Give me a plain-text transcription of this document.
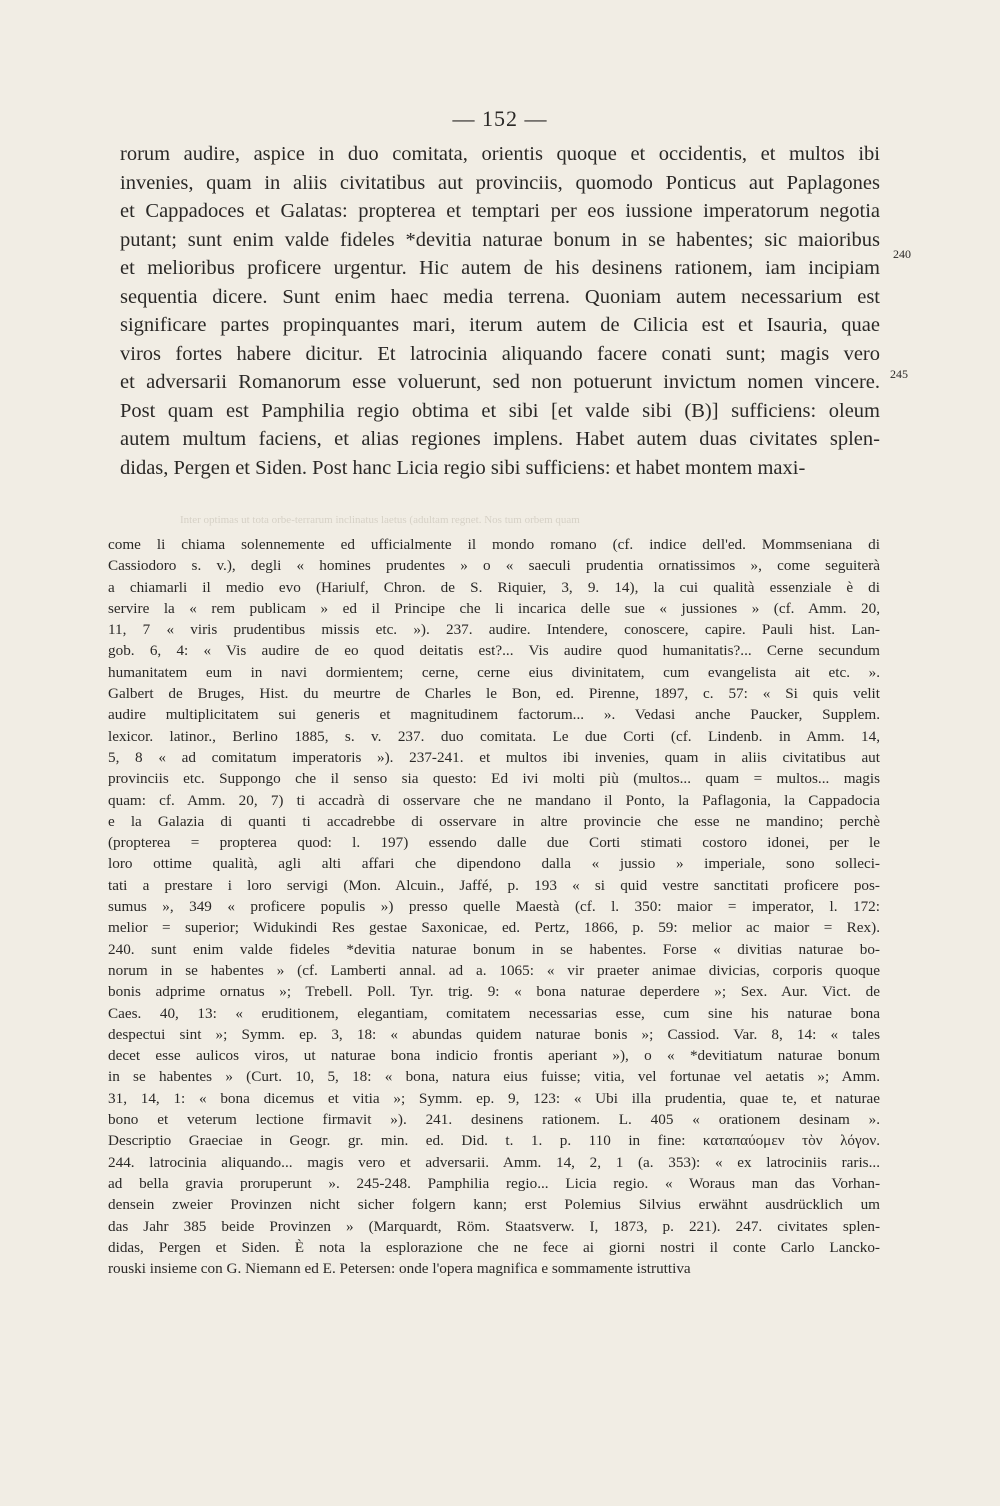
— 152 —
rorum audire, aspice in duo comitata, orientis quoque et occidentis, et multos ibi
invenies, quam in aliis civitatibus aut provinciis, quomodo Ponticus aut Paplagones
et Cappadoces et Galatas: propterea et temptari per eos iussione imperatorum negotia
putant; sunt enim valde fideles *devitia naturae bonum in se habentes; sic maioribus
et melioribus proficere urgentur. Hic autem de his desinens rationem, iam incipiam
sequentia dicere. Sunt enim haec media terrena. Quoniam autem necessarium est
significare partes propinquantes mari, iterum autem de Cilicia est et Isauria, quae
viros fortes habere dicitur. Et latrocinia aliquando facere conati sunt; magis vero
et adversarii Romanorum esse voluerunt, sed non potuerunt invictum nomen vincere.
Post quam est Pamphilia regio obtima et sibi [et valde sibi (B)] sufficiens: oleum
autem multum faciens, et alias regiones implens. Habet autem duas civitates splen-
didas, Pergen et Siden. Post hanc Licia regio sibi sufficiens: et habet montem maxi-
240
245
Inter optimas ut tota orbe-terrarum inclinatus laetus (adultam regnet. Nos tum orbem quam
come li chiama solennemente ed ufficialmente il mondo romano (cf. indice dell'ed. Mommseniana di
Cassiodoro s. v.), degli « homines prudentes » o « saeculi prudentia ornatissimos », come seguiterà
a chiamarli il medio evo (Hariulf, Chron. de S. Riquier, 3, 9. 14), la cui qualità essenziale è di
servire la « rem publicam » ed il Principe che li incarica delle sue « jussiones » (cf. Amm. 20,
11, 7 « viris prudentibus missis etc. »). 237. audire. Intendere, conoscere, capire. Pauli hist. Lan-
gob. 6, 4: « Vis audire de eo quod deitatis est?... Vis audire quod humanitatis?... Cerne secundum
humanitatem eum in navi dormientem; cerne, cerne eius divinitatem, cum evangelista ait etc. ».
Galbert de Bruges, Hist. du meurtre de Charles le Bon, ed. Pirenne, 1897, c. 57: « Si quis velit
audire multiplicitatem sui generis et magnitudinem factorum... ». Vedasi anche Paucker, Supplem.
lexicor. latinor., Berlino 1885, s. v. 237. duo comitata. Le due Corti (cf. Lindenb. in Amm. 14,
5, 8 « ad comitatum imperatoris »). 237-241. et multos ibi invenies, quam in aliis civitatibus aut
provinciis etc. Suppongo che il senso sia questo: Ed ivi molti più (multos... quam = multos... magis
quam: cf. Amm. 20, 7) ti accadrà di osservare che ne mandano il Ponto, la Paflagonia, la Cappadocia
e la Galazia di quanti ti accadrebbe di osservare in altre provincie che esse ne mandino; perchè
(propterea = propterea quod: l. 197) essendo dalle due Corti stimati costoro idonei, per le
loro ottime qualità, agli alti affari che dipendono dalla « jussio » imperiale, sono solleci-
tati a prestare i loro servigi (Mon. Alcuin., Jaffé, p. 193 « si quid vestre sanctitati proficere pos-
sumus », 349 « proficere populis ») presso quelle Maestà (cf. l. 350: maior = imperator, l. 172:
melior = superior; Widukindi Res gestae Saxonicae, ed. Pertz, 1866, p. 59: melior ac maior = Rex).
240. sunt enim valde fideles *devitia naturae bonum in se habentes. Forse « divitias naturae bo-
norum in se habentes » (cf. Lamberti annal. ad a. 1065: « vir praeter animae divicias, corporis quoque
bonis adprime ornatus »; Trebell. Poll. Tyr. trig. 9: « bona naturae deperdere »; Sex. Aur. Vict. de
Caes. 40, 13: « eruditionem, elegantiam, comitatem necessarias esse, cum sine his naturae bona
despectui sint »; Symm. ep. 3, 18: « abundas quidem naturae bonis »; Cassiod. Var. 8, 14: « tales
decet esse aulicos viros, ut naturae bona indicio frontis aperiant »), o « *devitiatum naturae bonum
in se habentes » (Curt. 10, 5, 18: « bona, natura eius fuisse; vitia, vel fortunae vel aetatis »; Amm.
31, 14, 1: « bona dicemus et vitia »; Symm. ep. 9, 123: « Ubi illa prudentia, quae te, et naturae
bono et veterum lectione firmavit »). 241. desinens rationem. L. 405 « orationem desinam ».
Descriptio Graeciae in Geogr. gr. min. ed. Did. t. 1. p. 110 in fine: καταπαύομεν τὸν λόγον.
244. latrocinia aliquando... magis vero et adversarii. Amm. 14, 2, 1 (a. 353): « ex latrociniis raris...
ad bella gravia proruperunt ». 245-248. Pamphilia regio... Licia regio. « Woraus man das Vorhan-
densein zweier Provinzen nicht sicher folgern kann; erst Polemius Silvius erwähnt ausdrücklich um
das Jahr 385 beide Provinzen » (Marquardt, Röm. Staatsverw. I, 1873, p. 221). 247. civitates splen-
didas, Pergen et Siden. È nota la esplorazione che ne fece ai giorni nostri il conte Carlo Lancko-
rouski insieme con G. Niemann ed E. Petersen: onde l'opera magnifica e sommamente istruttiva
